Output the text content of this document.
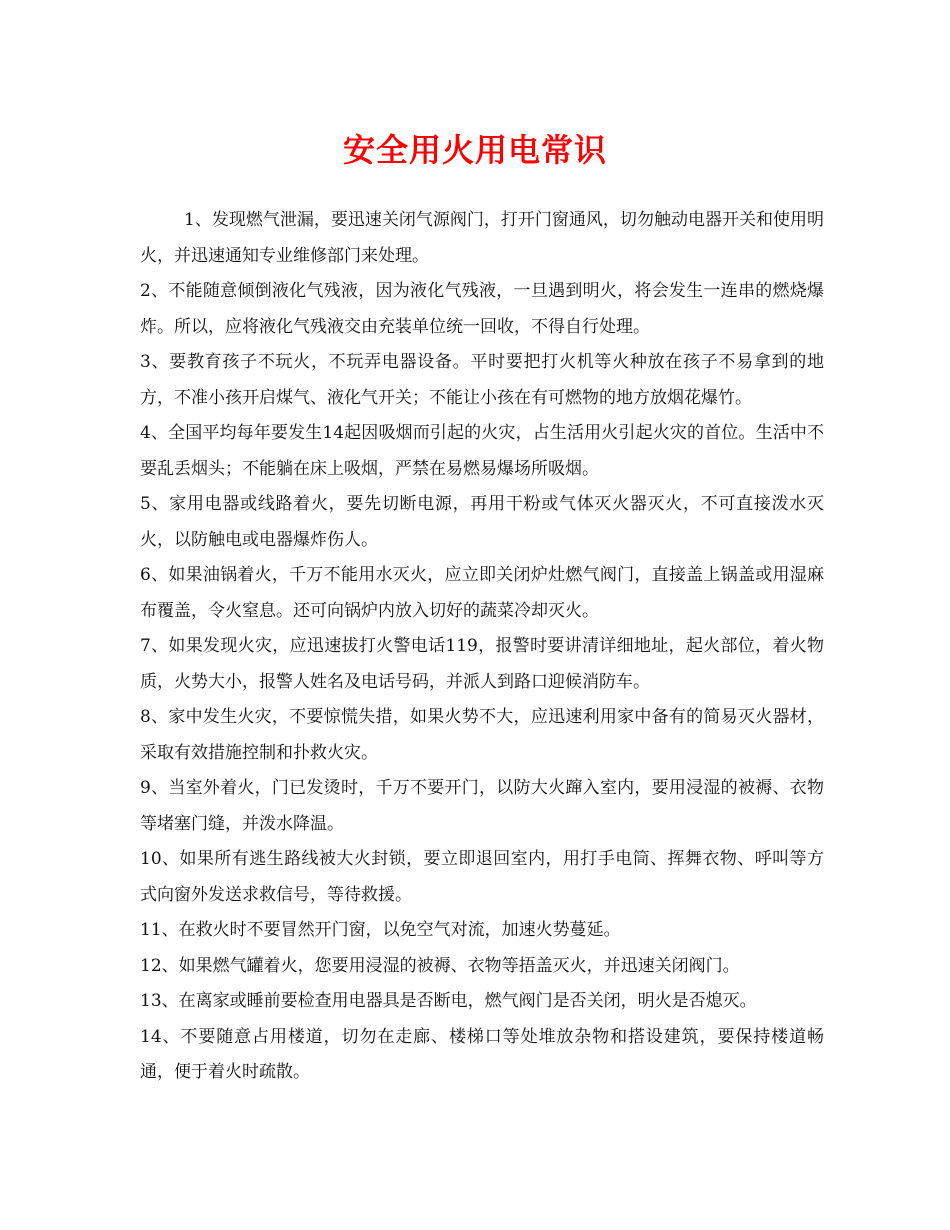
安全用火用电常识

1、发现燃气泄漏，要迅速关闭气源阀门，打开门窗通风，切勿触动电器开关和使用明火，并迅速通知专业维修部门来处理。

2、不能随意倾倒液化气残液，因为液化气残液，一旦遇到明火，将会发生一连串的燃烧爆炸。所以，应将液化气残液交由充装单位统一回收，不得自行处理。

3、要教育孩子不玩火，不玩弄电器设备。平时要把打火机等火种放在孩子不易拿到的地方，不准小孩开启煤气、液化气开关；不能让小孩在有可燃物的地方放烟花爆竹。

4、全国平均每年要发生14起因吸烟而引起的火灾，占生活用火引起火灾的首位。生活中不要乱丢烟头；不能躺在床上吸烟，严禁在易燃易爆场所吸烟。

5、家用电器或线路着火，要先切断电源，再用干粉或气体灭火器灭火，不可直接泼水灭火，以防触电或电器爆炸伤人。

6、如果油锅着火，千万不能用水灭火，应立即关闭炉灶燃气阀门，直接盖上锅盖或用湿麻布覆盖，令火窒息。还可向锅炉内放入切好的蔬菜冷却灭火。

7、如果发现火灾，应迅速拔打火警电话119，报警时要讲清详细地址，起火部位，着火物质，火势大小，报警人姓名及电话号码，并派人到路口迎候消防车。

8、家中发生火灾，不要惊慌失措，如果火势不大，应迅速利用家中备有的简易灭火器材，采取有效措施控制和扑救火灾。

9、当室外着火，门已发烫时，千万不要开门，以防大火蹿入室内，要用浸湿的被褥、衣物等堵塞门缝，并泼水降温。

10、如果所有逃生路线被大火封锁，要立即退回室内，用打手电筒、挥舞衣物、呼叫等方式向窗外发送求救信号，等待救援。

11、在救火时不要冒然开门窗，以免空气对流，加速火势蔓延。

12、如果燃气罐着火，您要用浸湿的被褥、衣物等捂盖灭火，并迅速关闭阀门。

13、在离家或睡前要检查用电器具是否断电，燃气阀门是否关闭，明火是否熄灭。

14、不要随意占用楼道，切勿在走廊、楼梯口等处堆放杂物和搭设建筑，要保持楼道畅通，便于着火时疏散。
